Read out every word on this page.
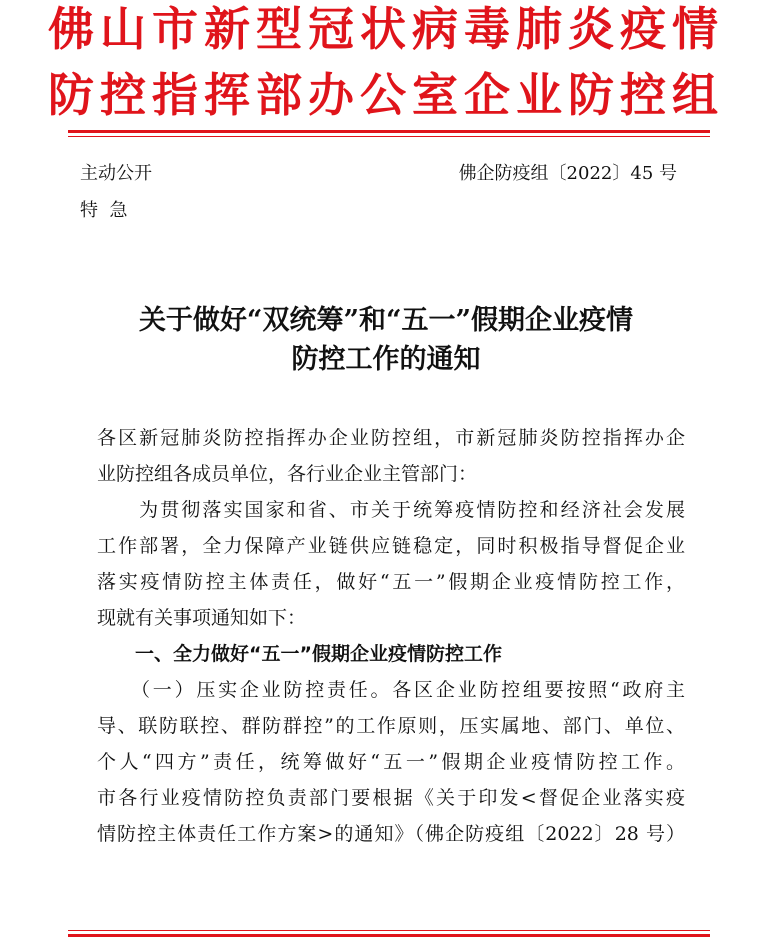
佛山市新型冠状病毒肺炎疫情
防控指挥部办公室企业防控组
主动公开	佛企防疫组〔2022〕45 号
特  急
关于做好“双统筹”和“五一”假期企业疫情
防控工作的通知
各区新冠肺炎防控指挥办企业防控组，市新冠肺炎防控指挥办企
业防控组各成员单位，各行业企业主管部门：
　　为贯彻落实国家和省、市关于统筹疫情防控和经济社会发展
工作部署，全力保障产业链供应链稳定，同时积极指导督促企业
落实疫情防控主体责任，做好“五一”假期企业疫情防控工作，
现就有关事项通知如下：
　　一、全力做好“五一”假期企业疫情防控工作
　　（一）压实企业防控责任。各区企业防控组要按照“政府主
导、联防联控、群防群控”的工作原则，压实属地、部门、单位、
个人“四方”责任，统筹做好“五一”假期企业疫情防控工作。
市各行业疫情防控负责部门要根据《关于印发<督促企业落实疫
情防控主体责任工作方案>的通知》（佛企防疫组〔2022〕28 号）
